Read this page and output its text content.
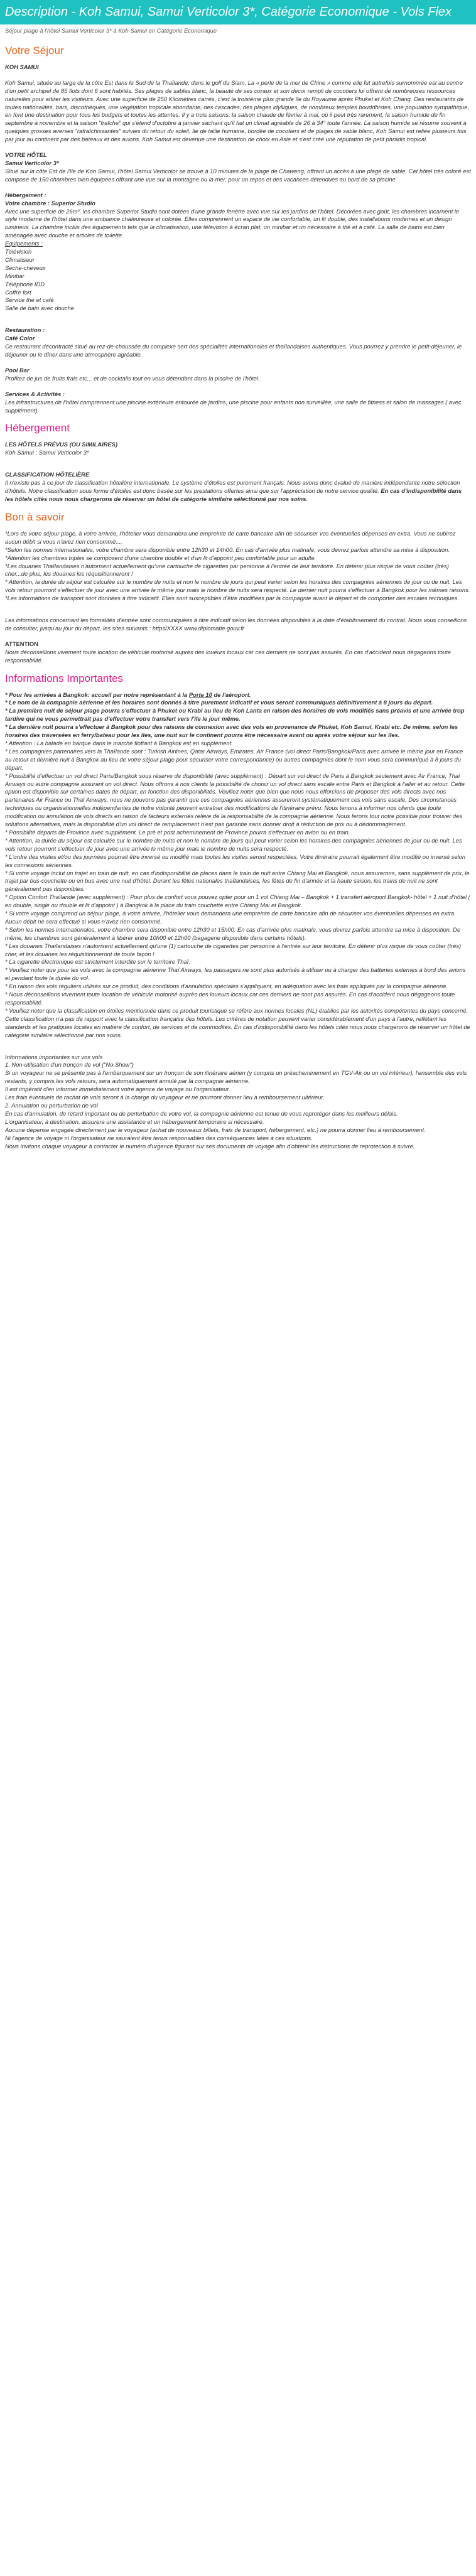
Description - Koh Samui, Samui Verticolor 3*, Catégorie Economique - Vols Flex
Séjour plage à l'hôtel Samui Verticolor 3* à Koh Samui en Catégorie Economique
Votre Séjour

KOH SAMUI

Koh Samui, située au large de la côte Est dans le Sud de la Thaïlande, dans le golf du Siam. La « perle de la mer de Chine » comme elle fut autrefois surnommée est au centre d'un petit archipel de 85 îlots dont 6 sont habités. Ses plages de sables blanc, la beauté de ses coraux et son decor rempli de cocotiers lui offrent de nombreuses ressources naturelles pour attirer les visiteurs. Avec une superficie de 250 Kilomètres carrés, c'est la troisième plus grande île du Royaume après Phuket et Koh Chang. Des restaurants de toutes nationalités, bars, discothèques, une végétation tropicale abondante, des cascades, des plages idylliques, de nombreux temples bouddhistes, une population sympathique, en font une destination pour tous les budgets et toutes les attentes. Il y a trois saisons, la saison chaude de février à mai, où il peut très rarement, la saison humide de fin septembre à novembre et la saison "fraîche" qui s'étend d'octobre à janvier sachant qu'il fait un climat agréable de 26 à 34° toute l'année. La saison humide se résume souvent à quelques grosses averses "rafraîchissantes" suivies du retour du soleil. Ile de taille humaine, bordée de cocotiers et de plages de sable blanc, Koh Samui est reliée plusieurs fois par jour au continent par des bateaux et des avions. Koh Samui est devenue une destination de choix en Asie et s'est créé une réputation de petit paradis tropical.

VOTRE HÔTEL
Samui Verticolor 3*
Situé sur la côte Est de l'île de Koh Samui, l'hôtel Samui Verticolor se trouve à 10 minutes de la plage de Chaweng, offrant un accès à une plage de sable. Cet hôtel très coloré est composé de 150 chambres bien équipées offrant une vue sur la montagne ou la mer, pour un repos et des vacances détendues au bord de sa piscine.
Hébergement :
Votre chambre : Superior Studio
Avec une superficie de 26m², les chambre Superior Studio sont dotées d'une grande fenêtre avec vue sur les jardins de l'hôtel. Décorées avec goût, les chambres incarnent le style moderne de l'hôtel dans une ambiance chaleureuse et colorée. Elles comprennent un espace de vie confortable, un lit double, des installations modernes et un design lumineux. La chambre inclus des équipements tels que la climatisation, une télévision à écran plat, un minibar et un nécessaire à thé et à café. La salle de bains est bien aménagée avec douche et articles de toilette.
Equipements :
Télévision
Climatiseur
Sèche-cheveux
Minibar
Téléphone IDD
Coffre fort
Service thé et café
Salle de bain avec douche
Restauration :
Café Color
Ce restaurant décontracté situé au rez-de-chaussée du complexe sert des spécialités internationales et thaïlandaises authentiques. Vous pourrez y prendre le petit-déjeuner, le déjeuner ou le dîner dans une atmosphère agréable.
Pool Bar
Profitez de jus de fruits frais etc... et de cocktails tout en vous détendant dans la piscine de l'hôtel.
Services & Activités :
Les infrastructures de l'hôtel comprennent une piscine extérieure entourée de jardins, une piscine pour enfants non surveillée, une salle de fitness et salon de massages ( avec supplément).
Hébergement
LES HÔTELS PRÉVUS (OU SIMILAIRES)
Koh Samui : Samui Verticolor 3*

CLASSIFICATION HÔTELIÈRE

Il n'existe pas à ce jour de classification hôtelière internationale. Le système d'étoiles est purement français. Nous avons donc évalué de manière indépendante notre sélection d'hôtels. Notre classification sous forme d'étoiles est donc basée sur les prestations offertes ainsi que sur l'appréciation de notre service qualité. En cas d'indisponibilité dans les hôtels cités nous nous chargerons de réserver un hôtel de catégorie similaire sélectionné par nos soins.

Bon à savoir
*Lors de votre séjour plage, à votre arrivée, l'hôtelier vous demandera une empreinte de carte bancaire afin de sécuriser vos éventuelles dépenses en extra. Vous ne subirez aucun débit si vous n'avez rien consommé....
*Selon les normes internationales, votre chambre sera disponible entre 12h30 et 14h00. En cas d'arrivée plus matinale, vous devrez parfois attendre sa mise à disposition.
*Attention les chambres triples se composent d'une chambre double et d'un lit d'appoint peu confortable pour un adulte.
*Les douanes Thaïlandaises n'autorisent actuellement qu'une cartouche de cigarettes par personne à l'entrée de leur territoire. En détenir plus risque de vous coûter (très) cher...de plus, les douanes les réquisitionneront !
* Attention, la durée du séjour est calculée sur le nombre de nuits et non le nombre de jours qui peut varier selon les horaires des compagnies aériennes de jour ou de nuit. Les vols retour pourront s'effectuer de jour avec une arrivée le même jour mais le nombre de nuits sera respecté. Le dernier nuit pourra s'effectuer à Bangkok pour les mêmes raisons.
*Les informations de transport sont données à titre indicatif. Elles sont susceptibles d'être modifiées par la compagnie avant le départ et de comporter des escales techniques.

Les informations concernant les formalités d'entrée sont communiquées à titre indicatif selon les données disponibles à la date d'établissement du contrat. Nous vous conseillons de consulter, jusqu'au jour du départ, les sites suivants : https/XXXX www.diplomatie.gouv.fr

ATTENTION

Nous déconseillons vivement toute location de véhicule motorisé auprès des loueurs locaux car ces derniers ne sont pas assurés. En cas d'accident nous dégageons toute responsabilité.

Informations Importantes
* Pour les arrivées à Bangkok: accueil par notre représentant à la Porte 10 de l'aéroport.
* Le nom de la compagnie aérienne et les horaires sont donnés à titre purement indicatif et vous seront communiqués définitivement à 8 jours du départ.
* La première nuit de séjour plage pourra s'effectuer à Phuket ou Krabi au lieu de Koh Lanta en raison des horaires de vols modifiés sans préavis et une arrivée trop tardive qui ne vous permettrait pas d'effectuer votre transfert vers l'île le jour même.
* La dernière nuit pourra s'effectuer à Bangkok pour des raisons de connexion avec des vols en provenance de Phuket, Koh Samui, Krabi etc. De même, selon les horaires des traversées en ferry/bateau pour les îles, une nuit sur le continent pourra être nécessaire avant ou après votre séjour sur les îles.
* Attention : La balade en barque dans le marché flottant à Bangkok est en supplément.
* Les compagnies partenaires vers la Thaïlande sont : Turkish Airlines, Qatar Airways, Emirates, Air France (vol direct Paris/Bangkok/Paris avec arrivée le même jour en France au retour et dernière nuit à Bangkok au lieu de votre séjour plage pour sécuriser votre correspondance) ou autres compagnies dont le nom vous sera communiqué à 8 jours du départ.
* Possibilité d'effectuer un vol direct Paris/Bangkok sous réserve de disponibilité (avec supplément) : Départ sur vol direct de Paris à Bangkok seulement avec Air France, Thai Airways ou autre compagnie assurant un vol direct. Nous offrons à nos clients la possibilité de choisir un vol direct sans escale entre Paris et Bangkok à l'aller et au retour. Cette option est disponible sur certaines dates de départ, en fonction des disponibilités. Veuillez noter que bien que nous nous efforcions de proposer des vols directs avec nos partenaires Air France ou Thaï Airways, nous ne pouvons pas garantir que ces compagnies aériennes assureront systématiquement ces vols sans escale. Des circonstances techniques ou organisationnelles indépendantes de notre volonté peuvent entraîner des modifications de l'itinéraire prévu. Nous tenons à informer nos clients que toute modification ou annulation de vols directs en raison de facteurs externes relève de la responsabilité de la compagnie aérienne. Nous ferons tout notre possible pour trouver des solutions alternatives, mais la disponibilité d'un vol direct de remplacement n'est pas garantie sans donner droit à réduction de prix ou à dédommagement.
* Possibilité départs de Province avec supplément. Le pré et post acheminement de Province pourra s'effectuer en avion ou en train.
* Attention, la durée du séjour est calculée sur le nombre de nuits et non le nombre de jours qui peut varier selon les horaires des compagnies aériennes de jour ou de nuit. Les vols retour pourront s'effectuer de jour avec une arrivée le même jour mais le nombre de nuits sera respecté.
* L'ordre des visites et/ou des journées pourrait être inversé ou modifié mais toutes les visites seront respectées. Votre itinéraire pourrait également être modifié ou inversé selon les connexions aériennes.
* Si votre voyage inclut un trajet en train de nuit, en cas d'indisponibilité de places dans le train de nuit entre Chiang Mai et Bangkok, nous assurerons, sans supplément de prix, le trajet par bus-couchette ou en bus avec une nuit d'hôtel. Durant les fêtes nationales thaïlandaises, les fêtes de fin d'année et la haute saison, les trains de nuit ne sont généralement pas disponibles.
* Option Confort Thaïlande (avec supplément) : Pour plus de confort vous pouvez opter pour un 1 vol Chiang Mai – Bangkok + 1 transfert aéroport Bangkok- hôtel + 1 nuit d'hôtel ( en double, single ou double et lit d'appoint ) à Bangkok à la place du train couchette entre Chiang Mai et Bangkok.
* Si votre voyage comprend un séjour plage, à votre arrivée, l'hôtelier vous demandera une empreinte de carte bancaire afin de sécuriser vos éventuelles dépenses en extra. Aucun débit ne sera effectué si vous n'avez rien consommé.
* Selon les normes internationales, votre chambre sera disponible entre 12h30 et 15h00. En cas d'arrivée plus matinale, vous devrez parfois attendre sa mise à disposition. De même, les chambres sont généralement à libérer entre 10h00 et 12h00 (bagagerie disponible dans certains hôtels).
* Les douanes Thaïlandaises n'autorisent actuellement qu'une (1) cartouche de cigarettes par personne à l'entrée sur leur territoire. En détenir plus risque de vous coûter (très) cher, et les douanes les réquisitionneront de toute façon !
* La cigarette électronique est strictement interdite sur le territoire Thaï.
* Veuillez noter que pour les vols avec la compagnie aérienne Thaï Airways, les passagers ne sont plus autorisés à utiliser ou à charger des batteries externes à bord des avions et pendant toute la durée du vol.
* En raison des vols réguliers utilisés sur ce produit, des conditions d'annulation spéciales s'appliquent, en adéquation avec les frais appliqués par la compagnie aérienne.
* Nous déconseillons vivement toute location de véhicule motorisé auprès des loueurs locaux car ces derniers ne sont pas assurés. En cas d'accident nous dégageons toute responsabilité.
* Veuillez noter que la classification en étoiles mentionnée dans ce produit touristique se réfère aux normes locales (NL) établies par les autorités compétentes du pays concerné. Cette classification n'a pas de rapport avec la classification française des hôtels. Les critères de notation peuvent varier considérablement d'un pays à l'autre, reflétant les standards et les pratiques locales en matière de confort, de services et de commodités. En cas d'indisponibilité dans les hôtels cités nous nous chargerons de réserver un hôtel de catégorie similaire sélectionné par nos soins.
Informations importantes sur vos vols
1. Non-utilisation d'un tronçon de vol ("No Show")
Si un voyageur ne se présente pas à l'embarquement sur un tronçon de son itinéraire aérien (y compris un préacheminement en TGV-Air ou un vol intérieur), l'ensemble des vols restants, y compris les vols retours, sera automatiquement annulé par la compagnie aérienne.
Il est impératif d'en informer immédiatement votre agence de voyage ou l'organisateur.
Les frais éventuels de rachat de vols seront à la charge du voyageur et ne pourront donner lieu à remboursement ultérieur.
2. Annulation ou perturbation de vol
En cas d'annulation, de retard important ou de perturbation de votre vol, la compagnie aérienne est tenue de vous reprotéger dans les meilleurs délais.
L'organisateur, à destination, assurera une assistance et un hébergement temporaire si nécessaire.
Aucune dépense engagée directement par le voyageur (achat de nouveaux billets, frais de transport, hébergement, etc.) ne pourra donner lieu à remboursement.
Ni l'agence de voyage ni l'organisateur ne sauraient être tenus responsables des conséquences liées à ces situations.
Nous invitons chaque voyageur à contacter le numéro d'urgence figurant sur ses documents de voyage afin d'obtenir les instructions de reprotection à suivre.
